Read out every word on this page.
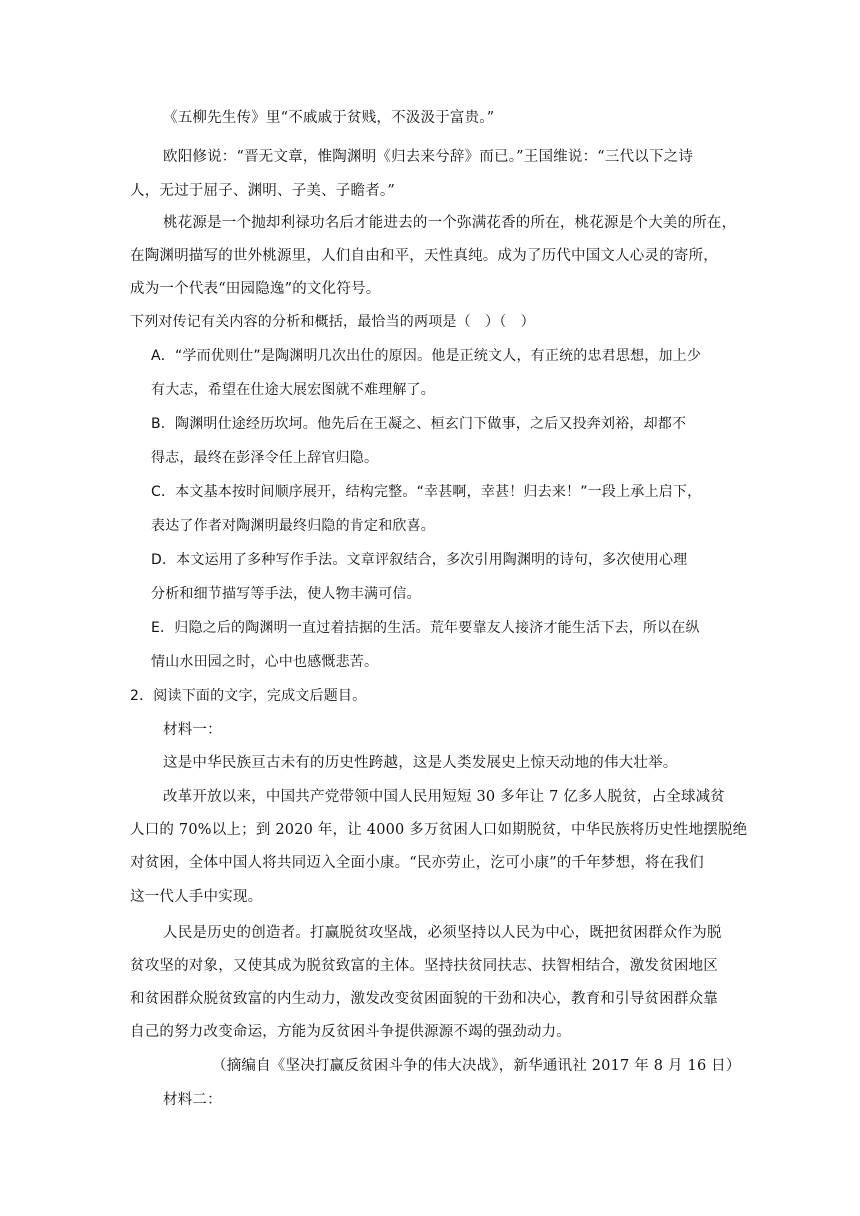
《五柳先生传》里“不戚戚于贫贱，不汲汲于富贵。”
欧阳修说：“晋无文章，惟陶渊明《归去来兮辞》而已。”王国维说：“三代以下之诗
人，无过于屈子、渊明、子美、子瞻者。”
桃花源是一个抛却利禄功名后才能进去的一个弥满花香的所在，桃花源是个大美的所在，
在陶渊明描写的世外桃源里，人们自由和平，天性真纯。成为了历代中国文人心灵的寄所，
成为一个代表“田园隐逸”的文化符号。
下列对传记有关内容的分析和概括，最恰当的两项是（　）（　）
A．“学而优则仕”是陶渊明几次出仕的原因。他是正统文人，有正统的忠君思想，加上少
有大志，希望在仕途大展宏图就不难理解了。
B．陶渊明仕途经历坎坷。他先后在王凝之、桓玄门下做事，之后又投奔刘裕，却都不
得志，最终在彭泽令任上辞官归隐。
C．本文基本按时间顺序展开，结构完整。“幸甚啊，幸甚！归去来！”一段上承上启下，
表达了作者对陶渊明最终归隐的肯定和欣喜。
D．本文运用了多种写作手法。文章评叙结合，多次引用陶渊明的诗句，多次使用心理
分析和细节描写等手法，使人物丰满可信。
E．归隐之后的陶渊明一直过着拮据的生活。荒年要靠友人接济才能生活下去，所以在纵
情山水田园之时，心中也感慨悲苦。
2．阅读下面的文字，完成文后题目。
材料一：
这是中华民族亘古未有的历史性跨越，这是人类发展史上惊天动地的伟大壮举。
改革开放以来，中国共产党带领中国人民用短短 30 多年让 7 亿多人脱贫，占全球减贫
人口的 70%以上；到 2020 年，让 4000 多万贫困人口如期脱贫，中华民族将历史性地摆脱绝
对贫困，全体中国人将共同迈入全面小康。“民亦劳止，汔可小康”的千年梦想，将在我们
这一代人手中实现。
人民是历史的创造者。打赢脱贫攻坚战，必须坚持以人民为中心，既把贫困群众作为脱
贫攻坚的对象，又使其成为脱贫致富的主体。坚持扶贫同扶志、扶智相结合，激发贫困地区
和贫困群众脱贫致富的内生动力，激发改变贫困面貌的干劲和决心，教育和引导贫困群众靠
自己的努力改变命运，方能为反贫困斗争提供源源不竭的强劲动力。
（摘编自《坚决打赢反贫困斗争的伟大决战》，新华通讯社 2017 年 8 月 16 日）
材料二：
